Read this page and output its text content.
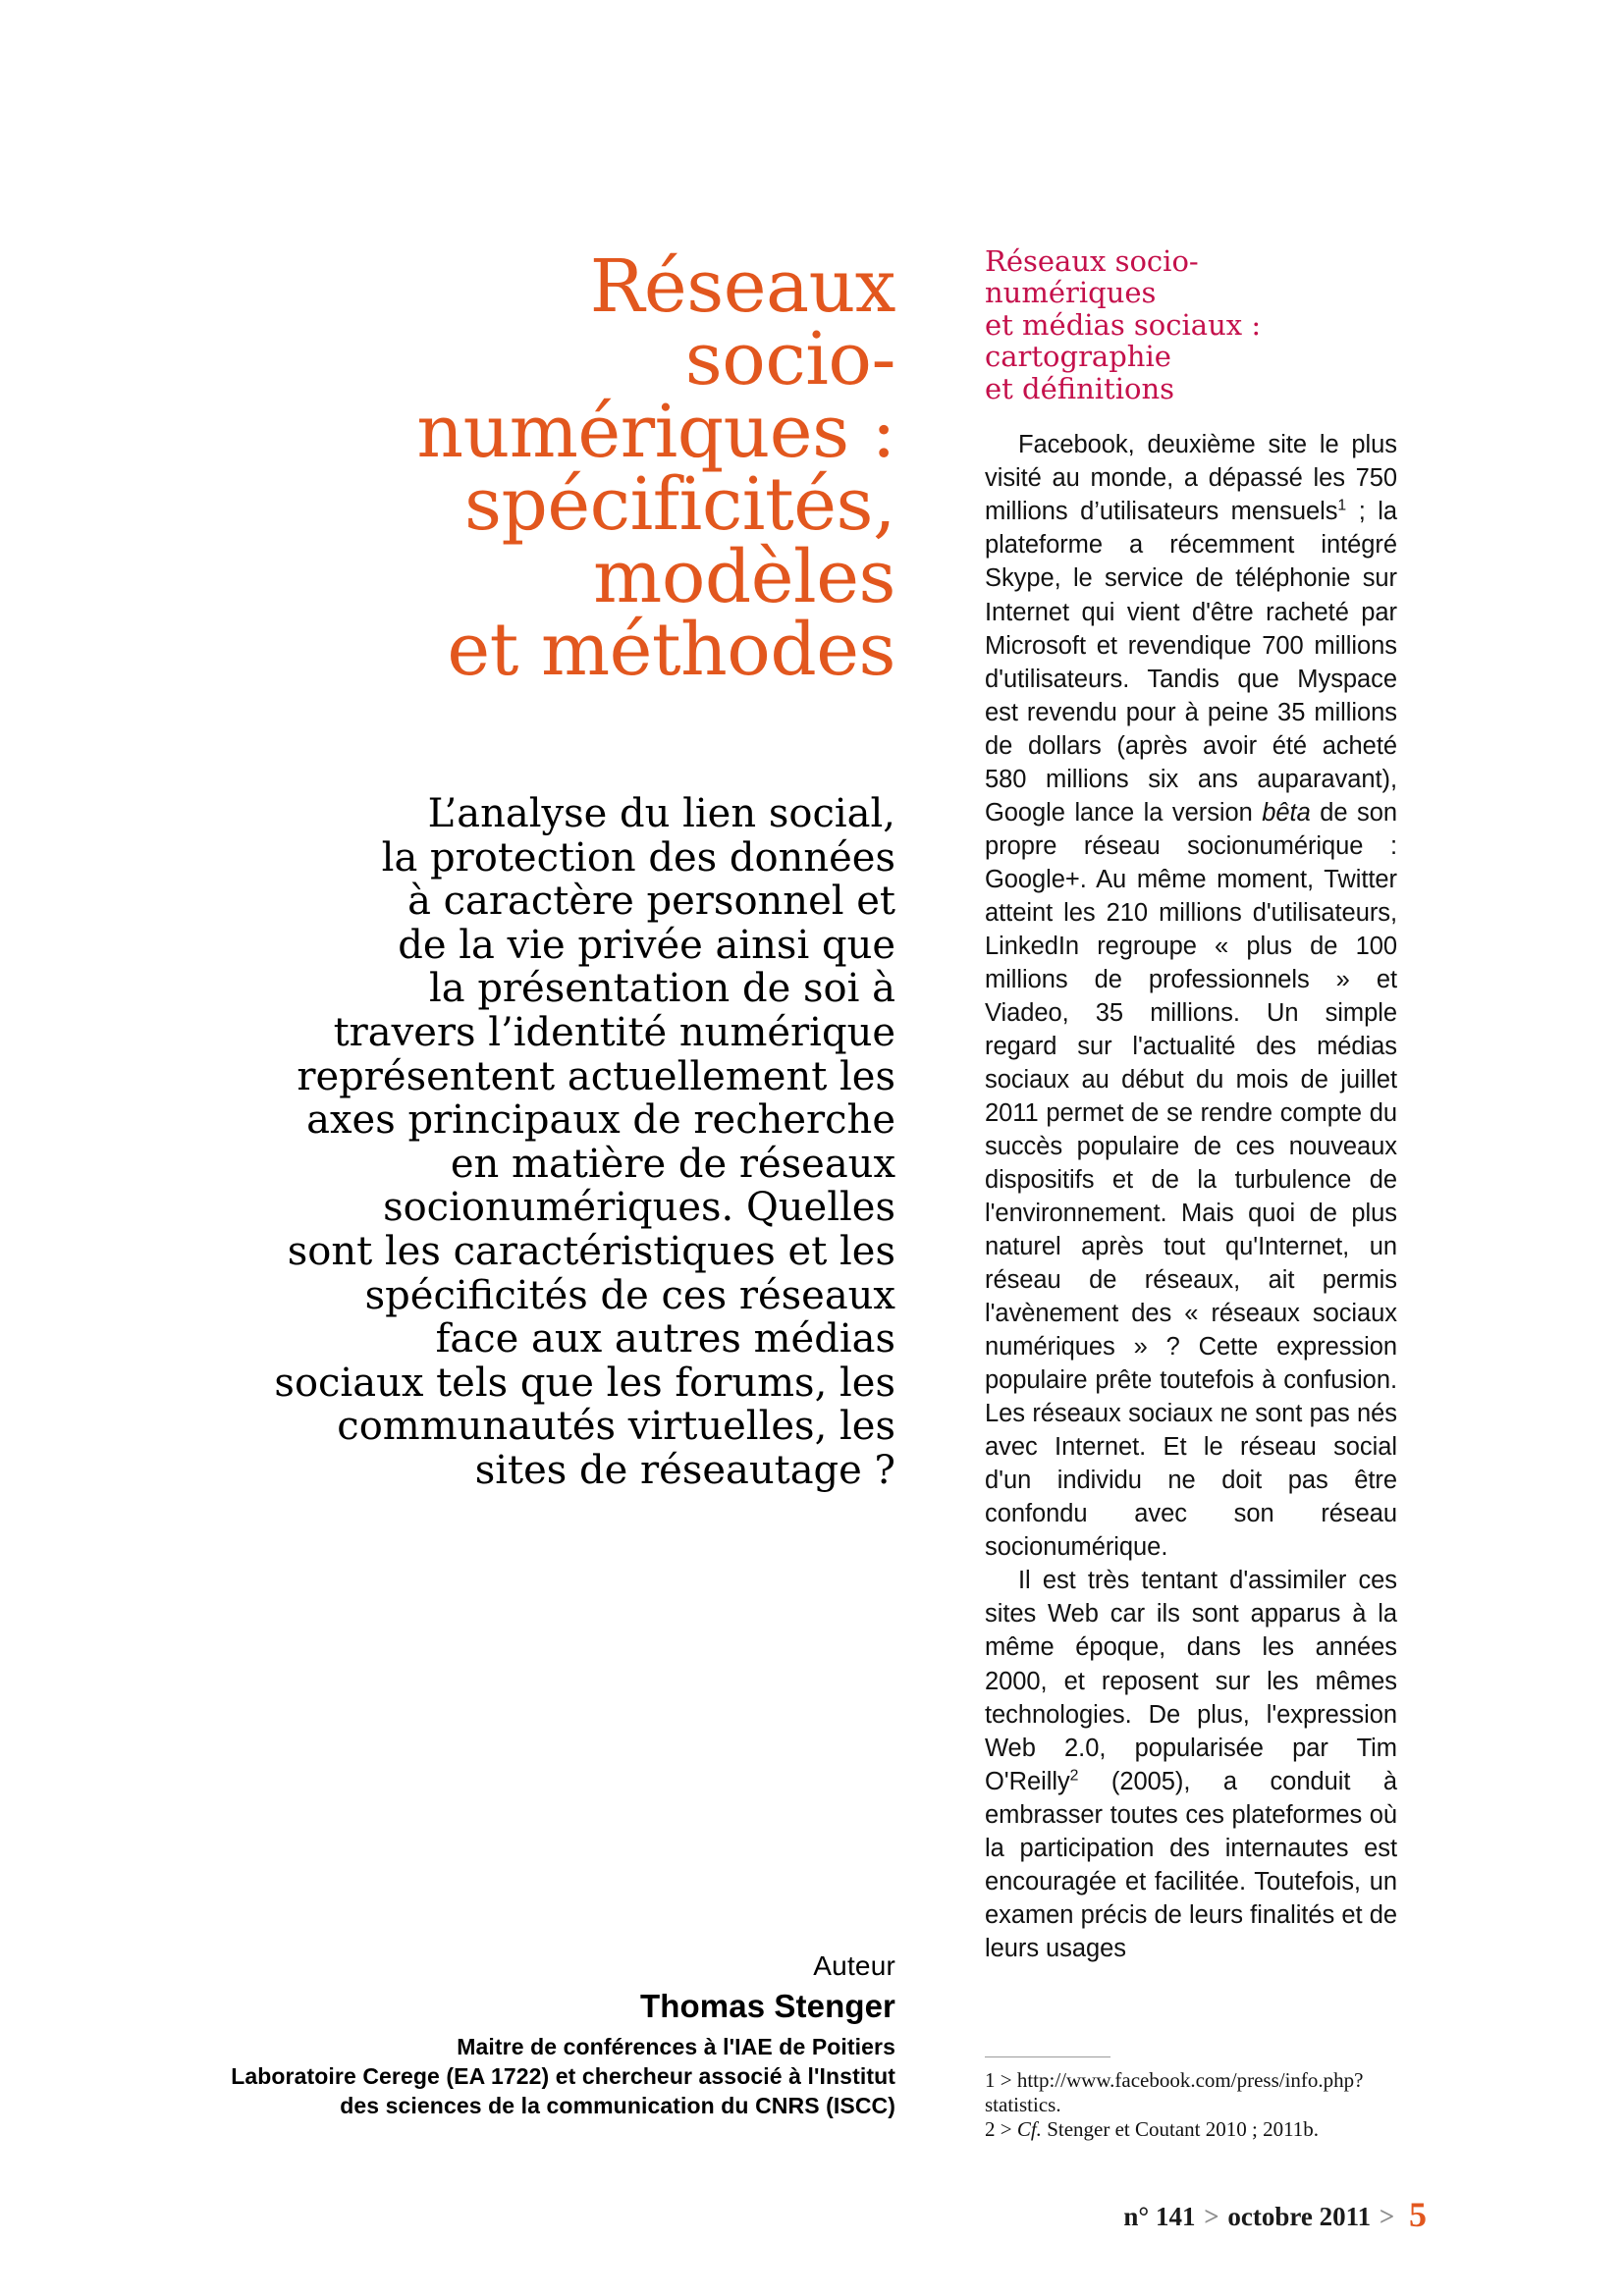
Réseaux
socio-
numériques :
spécificités,
modèles
et méthodes
L’analyse du lien social,
la protection des données
à caractère personnel et
de la vie privée ainsi que
la présentation de soi à
travers l’identité numérique
représentent actuellement les
axes principaux de recherche
en matière de réseaux
socionumériques. Quelles
sont les caractéristiques et les
spécificités de ces réseaux
face aux autres médias
sociaux tels que les forums, les
communautés virtuelles, les
sites de réseautage ?
Auteur
Thomas Stenger
Maitre de conférences à l'IAE de Poitiers
Laboratoire Cerege (EA 1722) et chercheur associé à l'Institut
des sciences de la communication du CNRS (ISCC)
Réseaux socio-
numériques
et médias sociaux :
cartographie
et définitions

Facebook, deuxième site le plus visité au monde, a dépassé les 750 millions d’utilisateurs mensuels$^1$ ; la plateforme a récemment intégré Skype, le service de téléphonie sur Internet qui vient d'être racheté par Microsoft et revendique 700 millions d'utilisateurs. Tandis que Myspace est revendu pour à peine 35 millions de dollars (après avoir été acheté 580 millions six ans auparavant), Google lance la version bêta de son propre réseau socionumérique : Google+. Au même moment, Twitter atteint les 210 millions d'utilisateurs, LinkedIn regroupe « plus de 100 millions de professionnels » et Viadeo, 35 millions. Un simple regard sur l'actualité des médias sociaux au début du mois de juillet 2011 permet de se rendre compte du succès populaire de ces nouveaux dispositifs et de la turbulence de l'environnement. Mais quoi de plus naturel après tout qu'Internet, un réseau de réseaux, ait permis l'avènement des « réseaux sociaux numériques » ? Cette expression populaire prête toutefois à confusion. Les réseaux sociaux ne sont pas nés avec Internet. Et le réseau social d'un individu ne doit pas être confondu avec son réseau socionumérique.

Il est très tentant d'assimiler ces sites Web car ils sont apparus à la même époque, dans les années 2000, et reposent sur les mêmes technologies. De plus, l'expression Web 2.0, popularisée par Tim O'Reilly$^2$ (2005), a conduit à embrasser toutes ces plateformes où la participation des internautes est encouragée et facilitée. Toutefois, un examen précis de leurs finalités et de leurs usages

1 > http://www.facebook.com/press/info.php?statistics.

2 > Cf. Stenger et Coutant 2010 ; 2011b.

n° 141 > octobre 2011 > 5
